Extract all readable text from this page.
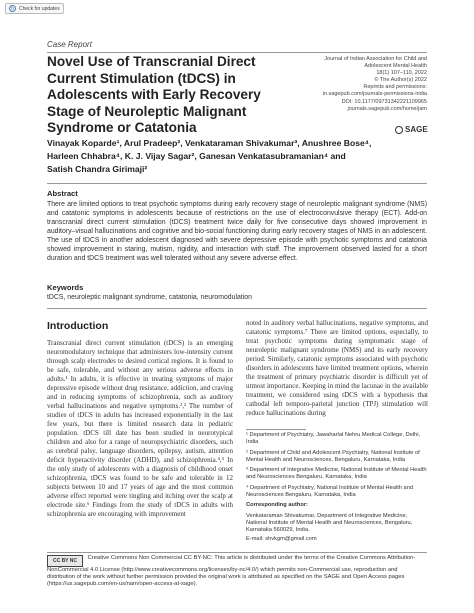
↻ Check for updates
Case Report
Novel Use of Transcranial Direct Current Stimulation (tDCS) in Adolescents with Early Recovery Stage of Neuroleptic Malignant Syndrome or Catatonia
Journal of Indian Association for Child and
Adolescent Mental Health
18(1) 107–110, 2022
© The Author(s) 2022
Reprints and permissions:
in.sagepub.com/journals-permissions-india
DOI: 10.1177/09731342221109965
journals.sagepub.com/home/jam
SAGE
Vinayak Koparde¹, Arul Pradeep², Venkataraman Shivakumar³, Anushree Bose⁴,
Harleen Chhabra⁴, K. J. Vijay Sagar², Ganesan Venkatasubramanian⁴ and
Satish Chandra Girimaji²
Abstract
There are limited options to treat psychotic symptoms during early recovery stage of neuroleptic malignant syndrome (NMS) and catatonic symptoms in adolescents because of restrictions on the use of electroconvulsive therapy (ECT). Add-on transcranial direct current stimulation (tDCS) treatment twice daily for five consecutive days showed improvement in auditory–visual hallucinations and cognitive and bio-social functioning during early recovery stages of NMS in an adolescent. The use of tDCS in another adolescent diagnosed with severe depressive episode with psychotic symptoms and catatonia showed improvement in staring, mutism, rigidity, and interaction with staff. The improvement observed lasted for a short duration and tDCS treatment was well tolerated without any severe adverse effect.
Keywords
tDCS, neuroleptic malignant syndrome, catatonia, neuromodulation
Introduction
Transcranial direct current stimulation (tDCS) is an emerging neuromodulatory technique that administers low-intensity current through scalp electrodes to desired cortical regions. It is found to be safe, tolerable, and without any serious adverse effects in adults.¹ In adults, it is effective in treating symptoms of major depressive episode without drug resistance, addiction, and craving and in reducing symptoms of schizophrenia, such as auditory verbal hallucinations and negative symptoms.²,³ The number of studies of tDCS in adults has increased exponentially in the last few years, but there is limited research data in pediatric population. tDCS till date has been studied in neurotypical children and also for a range of neuropsychiatric disorders, such as cerebral palsy, language disorders, epilepsy, autism, attention deficit hyperactivity disorder (ADHD), and schizophrenia.⁴,⁵ In the only study of adolescents with a diagnosis of childhood onset schizophrenia, tDCS was found to be safe and tolerable in 12 subjects between 10 and 17 years of age and the most common adverse effect reported were tingling and itching over the scalp at electrode site.⁶ Findings from the study of tDCS in adults with schizophrenia are encouraging with improvement
noted in auditory verbal hallucinations, negative symptoms, and catatonic symptoms.⁷ There are limited options, especially, to treat psychotic symptoms during symptomatic stage of neuroleptic malignant syndrome (NMS) and its early recovery period. Similarly, catatonic symptoms associated with psychotic disorders in adolescents have limited treatment options, wherein the treatment of primary psychiatric disorder is difficult yet of utmost importance. Keeping in mind the lacunae in the available treatment, we considered using tDCS with a hypothesis that cathodal left temporo-parietal junction (TPJ) stimulation will reduce hallucinations during

¹ Department of Psychiatry, Jawaharlal Nehru Medical College, Delhi, India

² Department of Child and Adolescent Psychiatry, National Institute of Mental Health and Neurosciences, Bengaluru, Karnataka, India

³ Department of Integrative Medicine, National Institute of Mental Health and Neurosciences Bengaluru, Karnataka, India

⁴ Department of Psychiatry, National Institute of Mental Health and Neurosciences Bengaluru, Karnataka, India

Corresponding author:

Venkataraman Shivakumar, Department of Integrative Medicine, National Institute of Mental Health and Neurosciences, Bengaluru, Karnataka 560029, India.

E-mail: shvkgm@gmail.com

CC BY NC Creative Commons Non Commercial CC BY-NC: This article is distributed under the terms of the Creative Commons Attribution-NonCommercial 4.0 License (http://www.creativecommons.org/licenses/by-nc/4.0/) which permits non-Commercial use, reproduction and distribution of the work without further permission provided the original work is attributed as specified on the SAGE and Open Access pages (https://us.sagepub.com/en-us/nam/open-access-at-sage).
